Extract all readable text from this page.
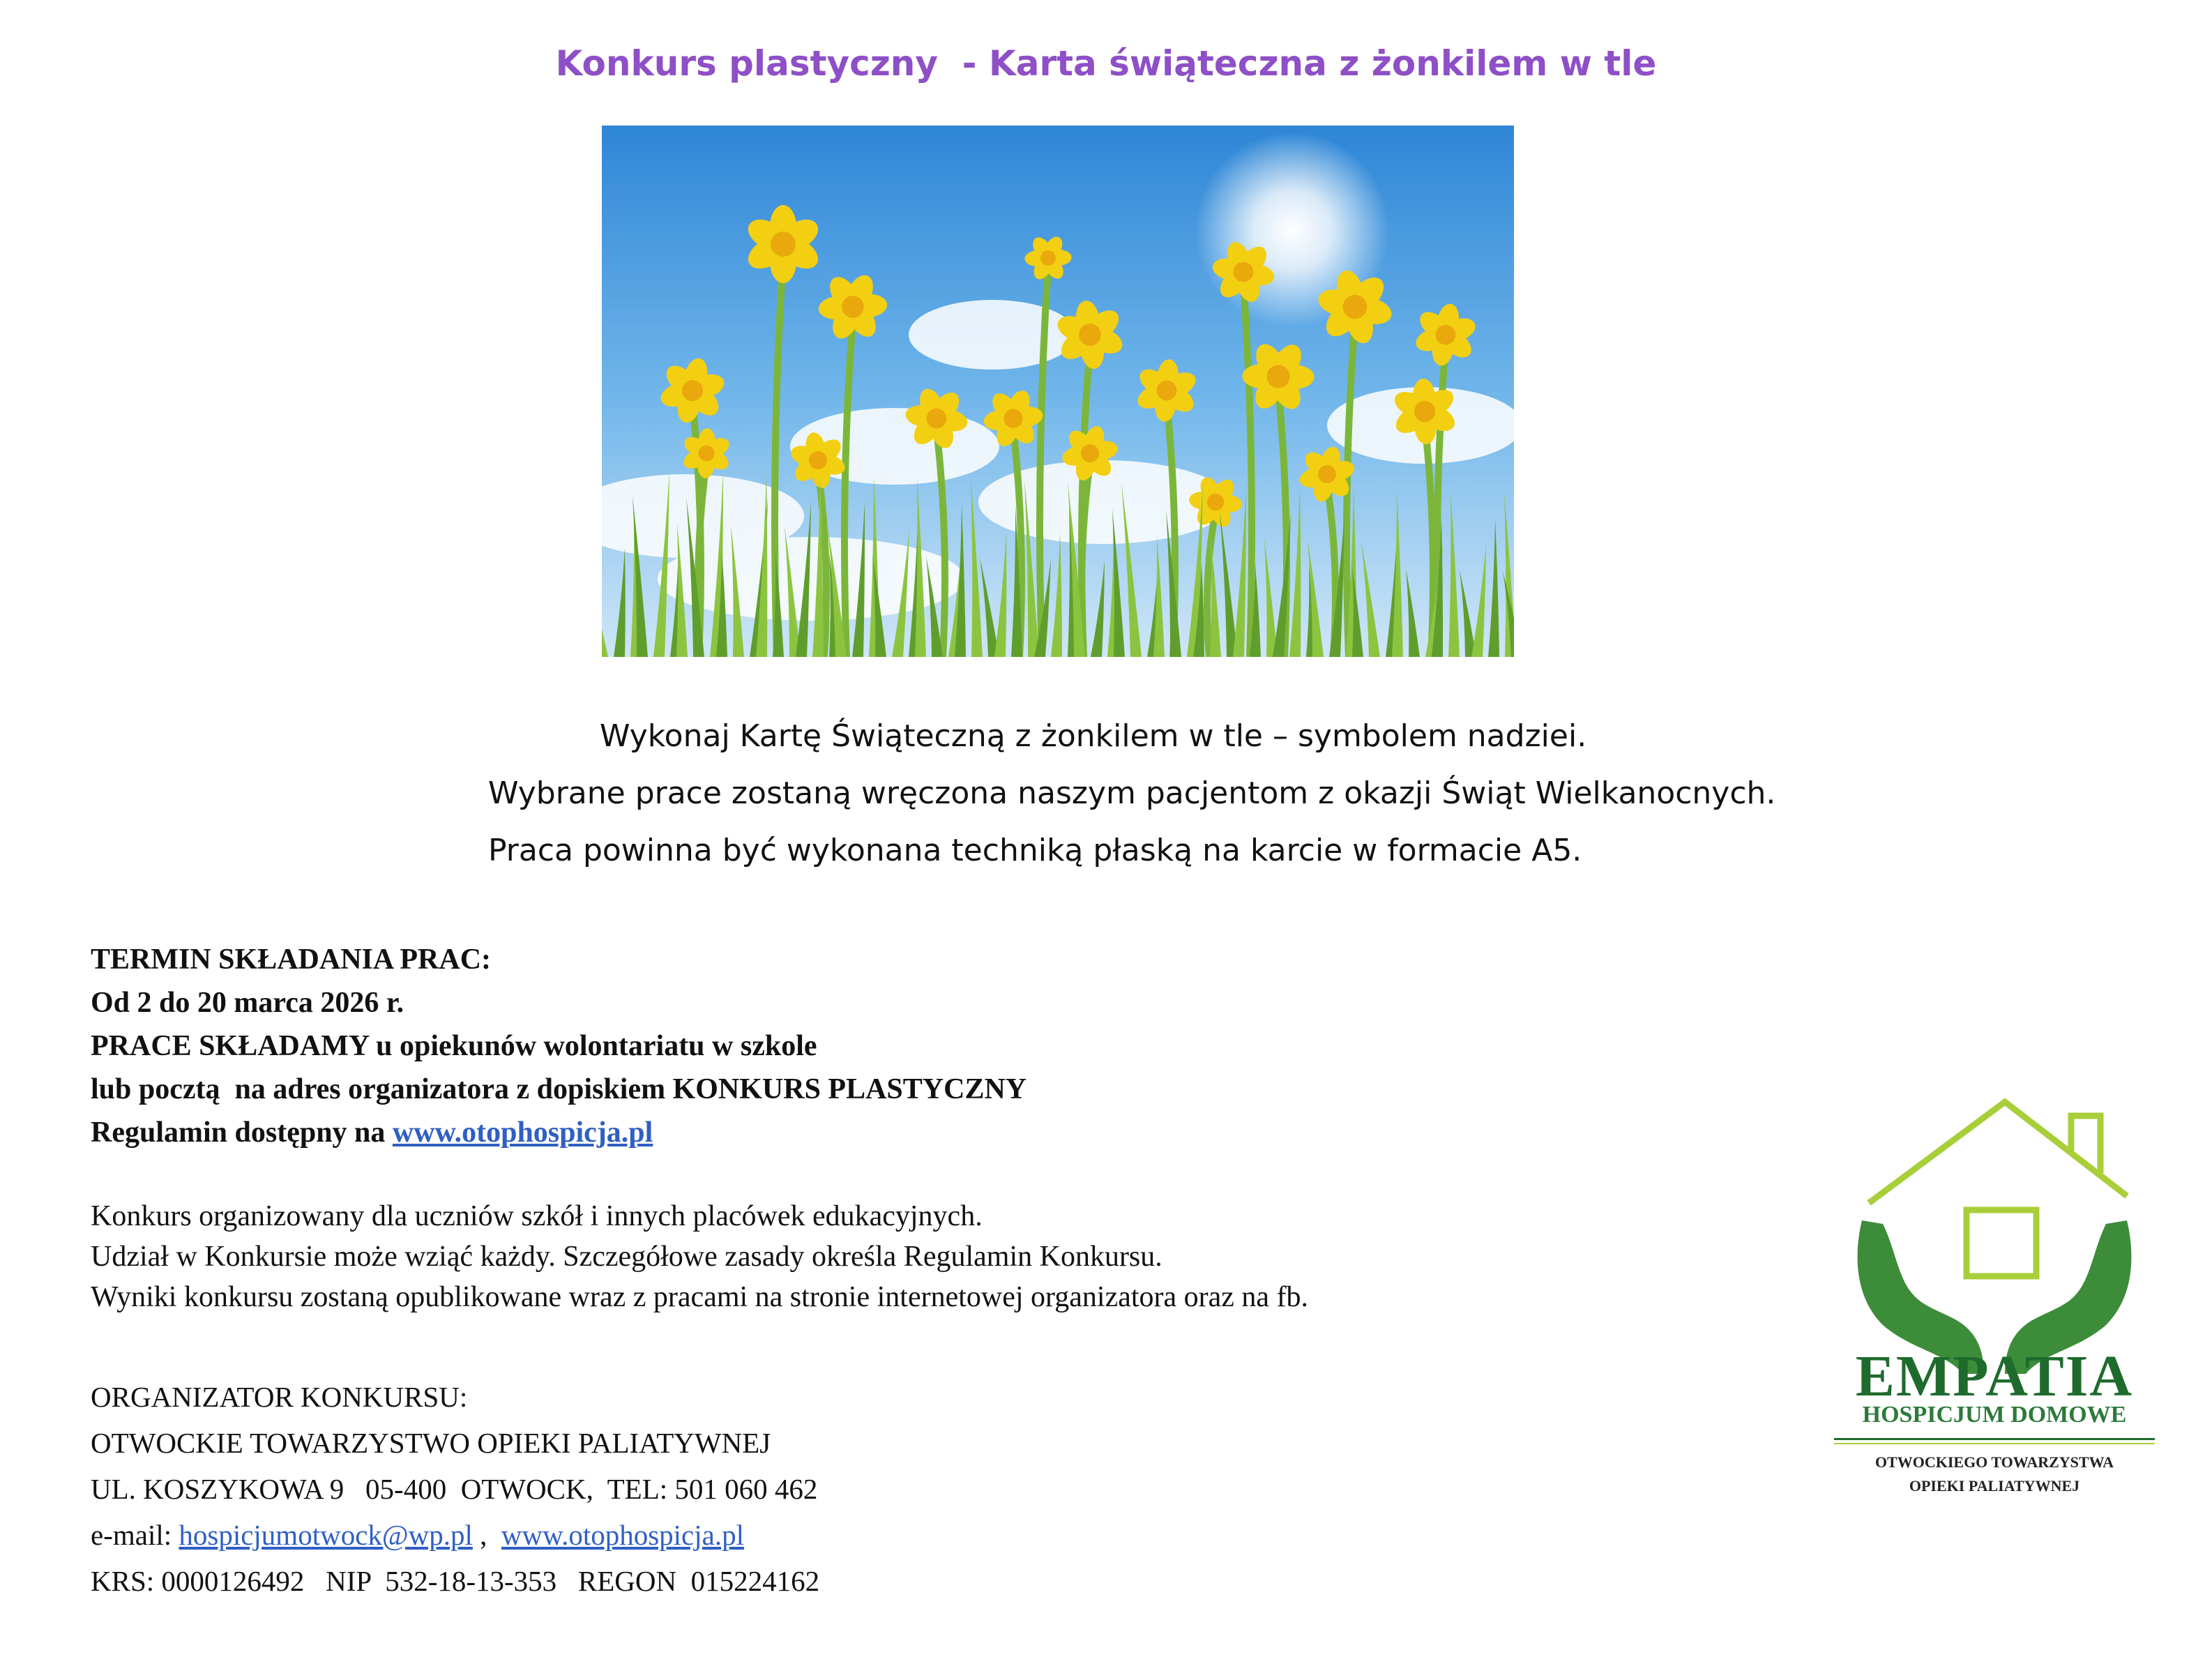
Konkurs plastyczny  - Karta świąteczna z żonkilem w tle
Wykonaj Kartę Świąteczną z żonkilem w tle – symbolem nadziei.
Wybrane prace zostaną wręczona naszym pacjentom z okazji Świąt Wielkanocnych.
Praca powinna być wykonana techniką płaską na karcie w formacie A5.
TERMIN SKŁADANIA PRAC:
Od 2 do 20 marca 2026 r.
PRACE SKŁADAMY u opiekunów wolontariatu w szkole
lub pocztą  na adres organizatora z dopiskiem KONKURS PLASTYCZNY
Regulamin dostępny na www.otophospicja.pl
Konkurs organizowany dla uczniów szkół i innych placówek edukacyjnych.
Udział w Konkursie może wziąć każdy. Szczegółowe zasady określa Regulamin Konkursu.
Wyniki konkursu zostaną opublikowane wraz z pracami na stronie internetowej organizatora oraz na fb.
ORGANIZATOR KONKURSU:
OTWOCKIE TOWARZYSTWO OPIEKI PALIATYWNEJ
UL. KOSZYKOWA 9   05-400  OTWOCK,  TEL: 501 060 462
e-mail: hospicjumotwock@wp.pl ,  www.otophospicja.pl
KRS: 0000126492   NIP  532-18-13-353   REGON  015224162
EMPATIA
HOSPICJUM DOMOWE
OTWOCKIEGO TOWARZYSTWA
OPIEKI PALIATYWNEJ
